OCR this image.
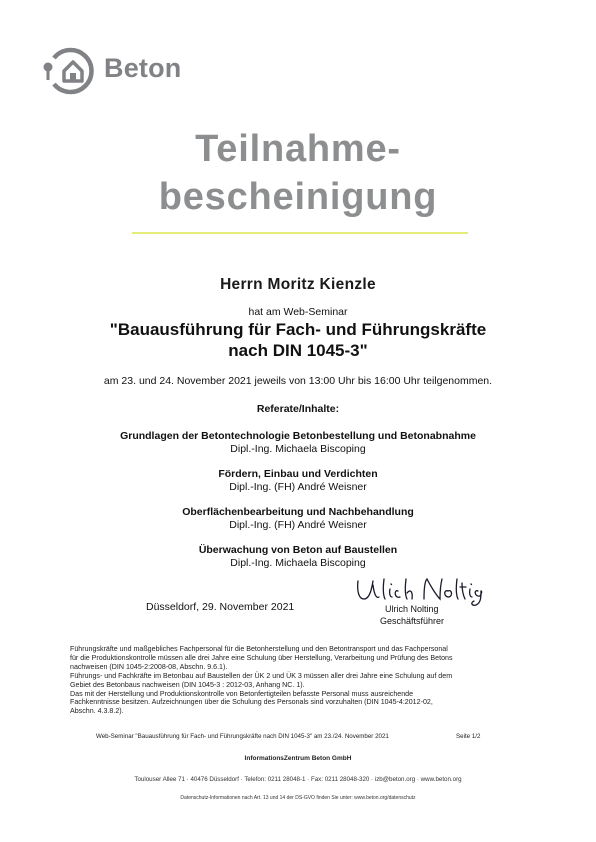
Beton
Teilnahme-
bescheinigung
Herrn Moritz Kienzle
hat am Web-Seminar
"Bauausführung für Fach- und Führungskräfte
nach DIN 1045-3"
am 23. und 24. November 2021 jeweils von 13:00 Uhr bis 16:00 Uhr teilgenommen.
Referate/Inhalte:
Grundlagen der Betontechnologie Betonbestellung und Betonabnahme
Dipl.-Ing. Michaela Biscoping
Fördern, Einbau und Verdichten
Dipl.-Ing. (FH) André Weisner
Oberflächenbearbeitung und Nachbehandlung
Dipl.-Ing. (FH) André Weisner
Überwachung von Beton auf Baustellen
Dipl.-Ing. Michaela Biscoping
Düsseldorf, 29. November 2021	Ulrich Nolting
Geschäftsführer
Führungskräfte und maßgebliches Fachpersonal für die Betonherstellung und den Betontransport und das Fachpersonal
für die Produktionskontrolle müssen alle drei Jahre eine Schulung über Herstellung, Verarbeitung und Prüfung des Betons
nachweisen (DIN 1045-2:2008-08, Abschn. 9.6.1).
Führungs- und Fachkräfte im Betonbau auf Baustellen der ÜK 2 und ÜK 3 müssen aller drei Jahre eine Schulung auf dem
Gebiet des Betonbaus nachweisen (DIN 1045-3 : 2012-03, Anhang NC. 1).
Das mit der Herstellung und Produktionskontrolle von Betonfertigteilen befasste Personal muss ausreichende
Fachkenntnisse besitzen. Aufzeichnungen über die Schulung des Personals sind vorzuhalten (DIN 1045-4:2012-02,
Abschn. 4.3.8.2).
Web-Seminar "Bauausführung für Fach- und Führungskräfte nach DIN 1045-3" am 23./24. November 2021	Seite 1/2
InformationsZentrum Beton GmbH
Toulouser Allee 71 · 40476 Düsseldorf · Telefon: 0211 28048-1 · Fax: 0211 28048-320 · izb@beton.org · www.beton.org
Datenschutz-Informationen nach Art. 13 und 14 der DS-GVO finden Sie unter: www.beton.org/datenschutz
